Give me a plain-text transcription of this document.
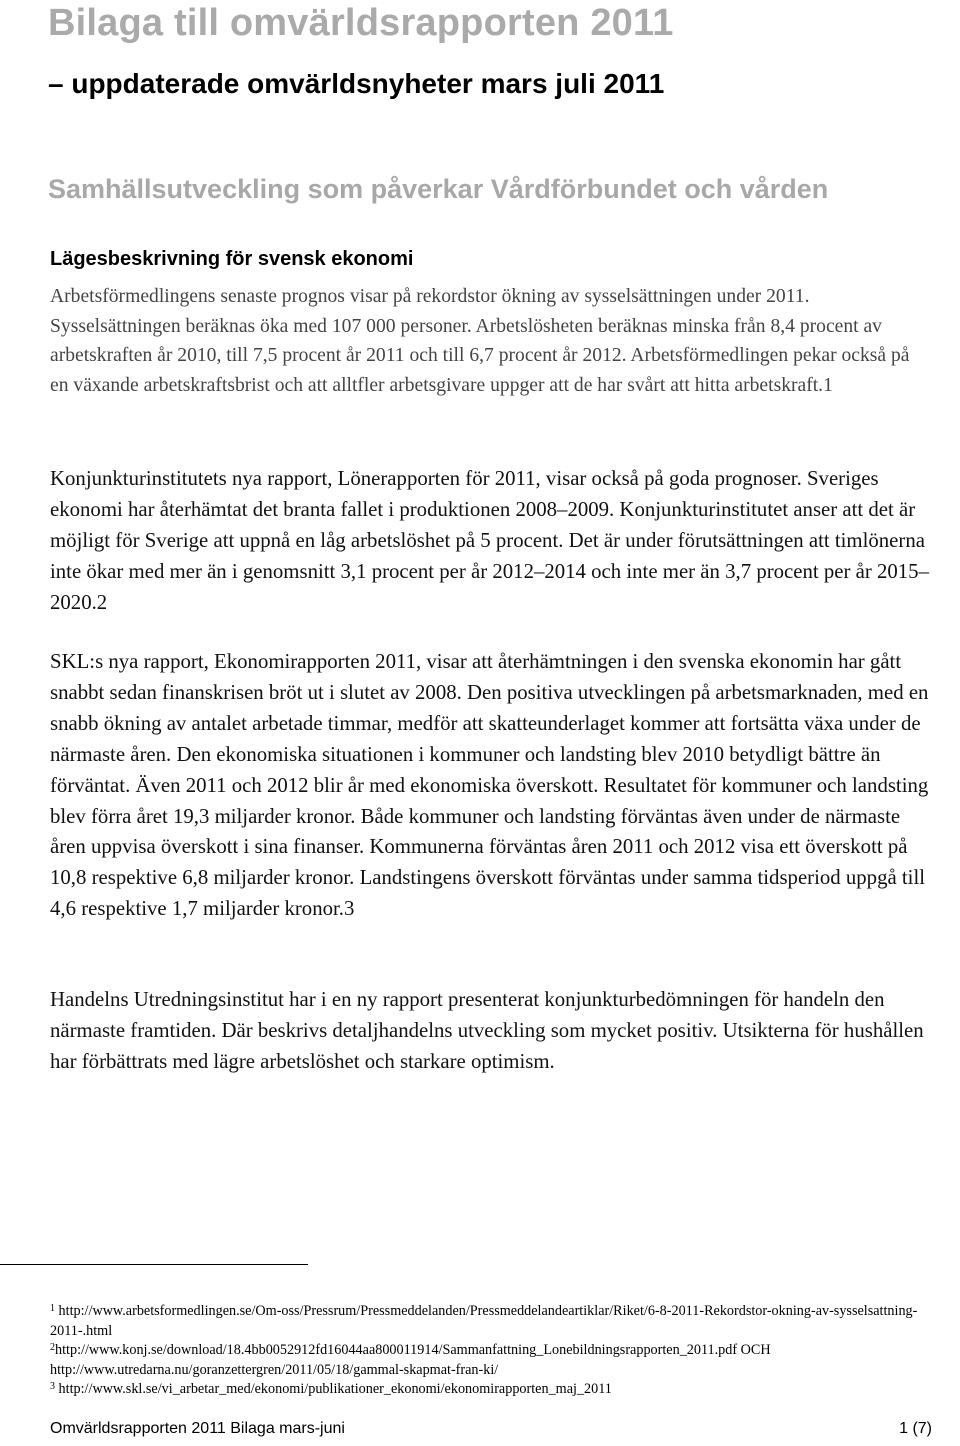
Bilaga till omvärldsrapporten 2011
– uppdaterade omvärldsnyheter mars juli 2011
Samhällsutveckling som påverkar Vårdförbundet och vården
Lägesbeskrivning för svensk ekonomi

Arbetsförmedlingens senaste prognos visar på rekordstor ökning av sysselsättningen under 2011. Sysselsättningen beräknas öka med 107 000 personer. Arbetslösheten beräknas minska från 8,4 procent av arbetskraften år 2010, till 7,5 procent år 2011 och till 6,7 procent år 2012. Arbetsförmedlingen pekar också på en växande arbetskraftsbrist och att alltfler arbetsgivare uppger att de har svårt att hitta arbetskraft.1

Konjunkturinstitutets nya rapport, Lönerapporten för 2011, visar också på goda prognoser. Sveriges ekonomi har återhämtat det branta fallet i produktionen 2008–2009. Konjunkturinstitutet anser att det är möjligt för Sverige att uppnå en låg arbetslöshet på 5 procent. Det är under förutsättningen att timlönerna inte ökar med mer än i genomsnitt 3,1 procent per år 2012–2014 och inte mer än 3,7 procent per år 2015–2020.2

SKL:s nya rapport, Ekonomirapporten 2011, visar att återhämtningen i den svenska ekonomin har gått snabbt sedan finanskrisen bröt ut i slutet av 2008. Den positiva utvecklingen på arbetsmarknaden, med en snabb ökning av antalet arbetade timmar, medför att skatteunderlaget kommer att fortsätta växa under de närmaste åren. Den ekonomiska situationen i kommuner och landsting blev 2010 betydligt bättre än förväntat. Även 2011 och 2012 blir år med ekonomiska överskott. Resultatet för kommuner och landsting blev förra året 19,3 miljarder kronor. Både kommuner och landsting förväntas även under de närmaste åren uppvisa överskott i sina finanser. Kommunerna förväntas åren 2011 och 2012 visa ett överskott på 10,8 respektive 6,8 miljarder kronor. Landstingens överskott förväntas under samma tidsperiod uppgå till 4,6 respektive 1,7 miljarder kronor.3

Handelns Utredningsinstitut har i en ny rapport presenterat konjunkturbedömningen för handeln den närmaste framtiden. Där beskrivs detaljhandelns utveckling som mycket positiv. Utsikterna för hushållen har förbättrats med lägre arbetslöshet och starkare optimism.

$^1$ http://www.arbetsformedlingen.se/Om-oss/Pressrum/Pressmeddelanden/Pressmeddelandeartiklar/Riket/6-8-2011-Rekordstor-okning-av-sysselsattning-2011-.html
$^2$http://www.konj.se/download/18.4bb0052912fd16044aa800011914/Sammanfattning_Lonebildningsrapporten_2011.pdf OCH http://www.utredarna.nu/goranzettergren/2011/05/18/gammal-skapmat-fran-ki/
$^3$ http://www.skl.se/vi_arbetar_med/ekonomi/publikationer_ekonomi/ekonomirapporten_maj_2011
Omvärldsrapporten 2011 Bilaga mars-juni	1 (7)
